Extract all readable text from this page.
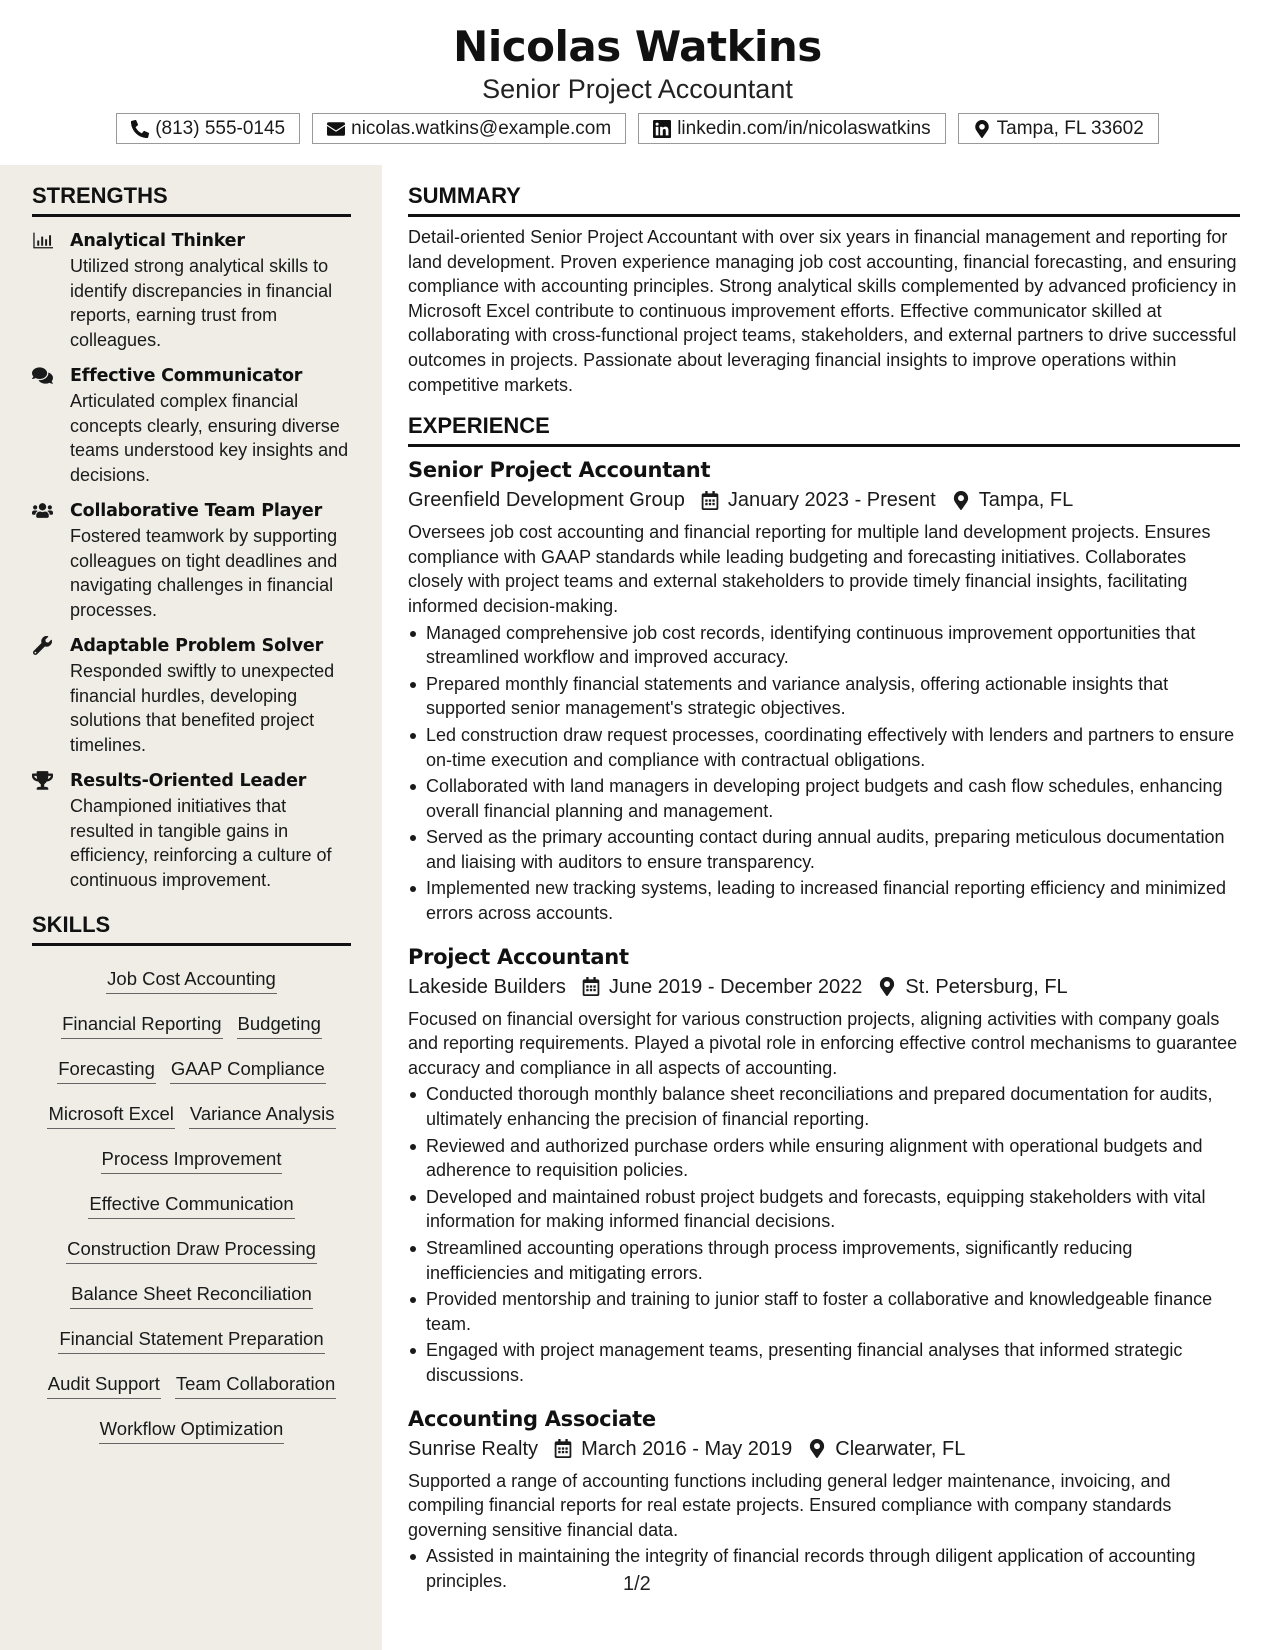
Nicolas Watkins
Senior Project Accountant
(813) 555-0145	nicolas.watkins@example.com	linkedin.com/in/nicolaswatkins	Tampa, FL 33602
STRENGTHS
Analytical Thinker
Utilized strong analytical skills to identify discrepancies in financial reports, earning trust from colleagues.
Effective Communicator
Articulated complex financial concepts clearly, ensuring diverse teams understood key insights and decisions.
Collaborative Team Player
Fostered teamwork by supporting colleagues on tight deadlines and navigating challenges in financial processes.
Adaptable Problem Solver
Responded swiftly to unexpected financial hurdles, developing solutions that benefited project timelines.
Results-Oriented Leader
Championed initiatives that resulted in tangible gains in efficiency, reinforcing a culture of continuous improvement.
SKILLS
Job Cost Accounting
Financial Reporting Budgeting
Forecasting GAAP Compliance
Microsoft Excel Variance Analysis
Process Improvement
Effective Communication
Construction Draw Processing
Balance Sheet Reconciliation
Financial Statement Preparation
Audit Support Team Collaboration
Workflow Optimization
SUMMARY
Detail-oriented Senior Project Accountant with over six years in financial management and reporting for land development. Proven experience managing job cost accounting, financial forecasting, and ensuring compliance with accounting principles. Strong analytical skills complemented by advanced proficiency in Microsoft Excel contribute to continuous improvement efforts. Effective communicator skilled at collaborating with cross-functional project teams, stakeholders, and external partners to drive successful outcomes in projects. Passionate about leveraging financial insights to improve operations within competitive markets.
EXPERIENCE
Senior Project Accountant
Greenfield Development Group January 2023 - Present Tampa, FL
Oversees job cost accounting and financial reporting for multiple land development projects. Ensures compliance with GAAP standards while leading budgeting and forecasting initiatives. Collaborates closely with project teams and external stakeholders to provide timely financial insights, facilitating informed decision-making.
Managed comprehensive job cost records, identifying continuous improvement opportunities that streamlined workflow and improved accuracy.
Prepared monthly financial statements and variance analysis, offering actionable insights that supported senior management's strategic objectives.
Led construction draw request processes, coordinating effectively with lenders and partners to ensure on-time execution and compliance with contractual obligations.
Collaborated with land managers in developing project budgets and cash flow schedules, enhancing overall financial planning and management.
Served as the primary accounting contact during annual audits, preparing meticulous documentation and liaising with auditors to ensure transparency.
Implemented new tracking systems, leading to increased financial reporting efficiency and minimized errors across accounts.
Project Accountant
Lakeside Builders June 2019 - December 2022 St. Petersburg, FL
Focused on financial oversight for various construction projects, aligning activities with company goals and reporting requirements. Played a pivotal role in enforcing effective control mechanisms to guarantee accuracy and compliance in all aspects of accounting.
Conducted thorough monthly balance sheet reconciliations and prepared documentation for audits, ultimately enhancing the precision of financial reporting.
Reviewed and authorized purchase orders while ensuring alignment with operational budgets and adherence to requisition policies.
Developed and maintained robust project budgets and forecasts, equipping stakeholders with vital information for making informed financial decisions.
Streamlined accounting operations through process improvements, significantly reducing inefficiencies and mitigating errors.
Provided mentorship and training to junior staff to foster a collaborative and knowledgeable finance team.
Engaged with project management teams, presenting financial analyses that informed strategic discussions.
Accounting Associate
Sunrise Realty March 2016 - May 2019 Clearwater, FL
Supported a range of accounting functions including general ledger maintenance, invoicing, and compiling financial reports for real estate projects. Ensured compliance with company standards governing sensitive financial data.
Assisted in maintaining the integrity of financial records through diligent application of accounting principles.	1/2
